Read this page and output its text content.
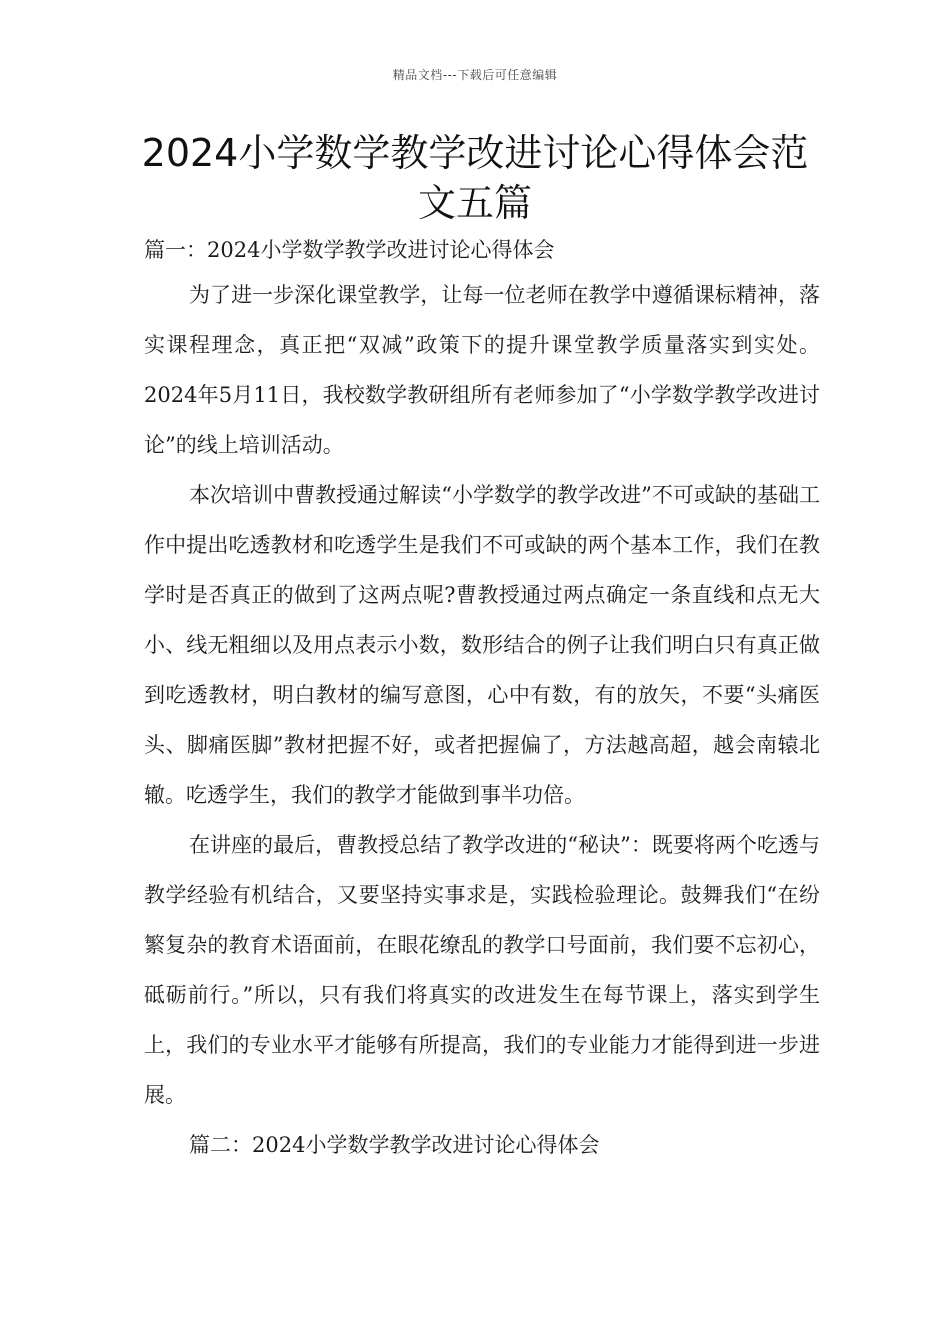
精品文档---下载后可任意编辑
2024小学数学教学改进讨论心得体会范文五篇

篇一：2024小学数学教学改进讨论心得体会

为了进一步深化课堂教学，让每一位老师在教学中遵循课标精神，落实课程理念，真正把“双减”政策下的提升课堂教学质量落实到实处。2024年5月11日，我校数学教研组所有老师参加了“小学数学教学改进讨论”的线上培训活动。

本次培训中曹教授通过解读“小学数学的教学改进”不可或缺的基础工作中提出吃透教材和吃透学生是我们不可或缺的两个基本工作，我们在教学时是否真正的做到了这两点呢?曹教授通过两点确定一条直线和点无大小、线无粗细以及用点表示小数，数形结合的例子让我们明白只有真正做到吃透教材，明白教材的编写意图，心中有数，有的放矢，不要“头痛医头、脚痛医脚”教材把握不好，或者把握偏了，方法越高超，越会南辕北辙。吃透学生，我们的教学才能做到事半功倍。

在讲座的最后，曹教授总结了教学改进的“秘诀”：既要将两个吃透与教学经验有机结合，又要坚持实事求是，实践检验理论。鼓舞我们“在纷繁复杂的教育术语面前，在眼花缭乱的教学口号面前，我们要不忘初心，砥砺前行。”所以，只有我们将真实的改进发生在每节课上，落实到学生上，我们的专业水平才能够有所提高，我们的专业能力才能得到进一步进展。

篇二：2024小学数学教学改进讨论心得体会
